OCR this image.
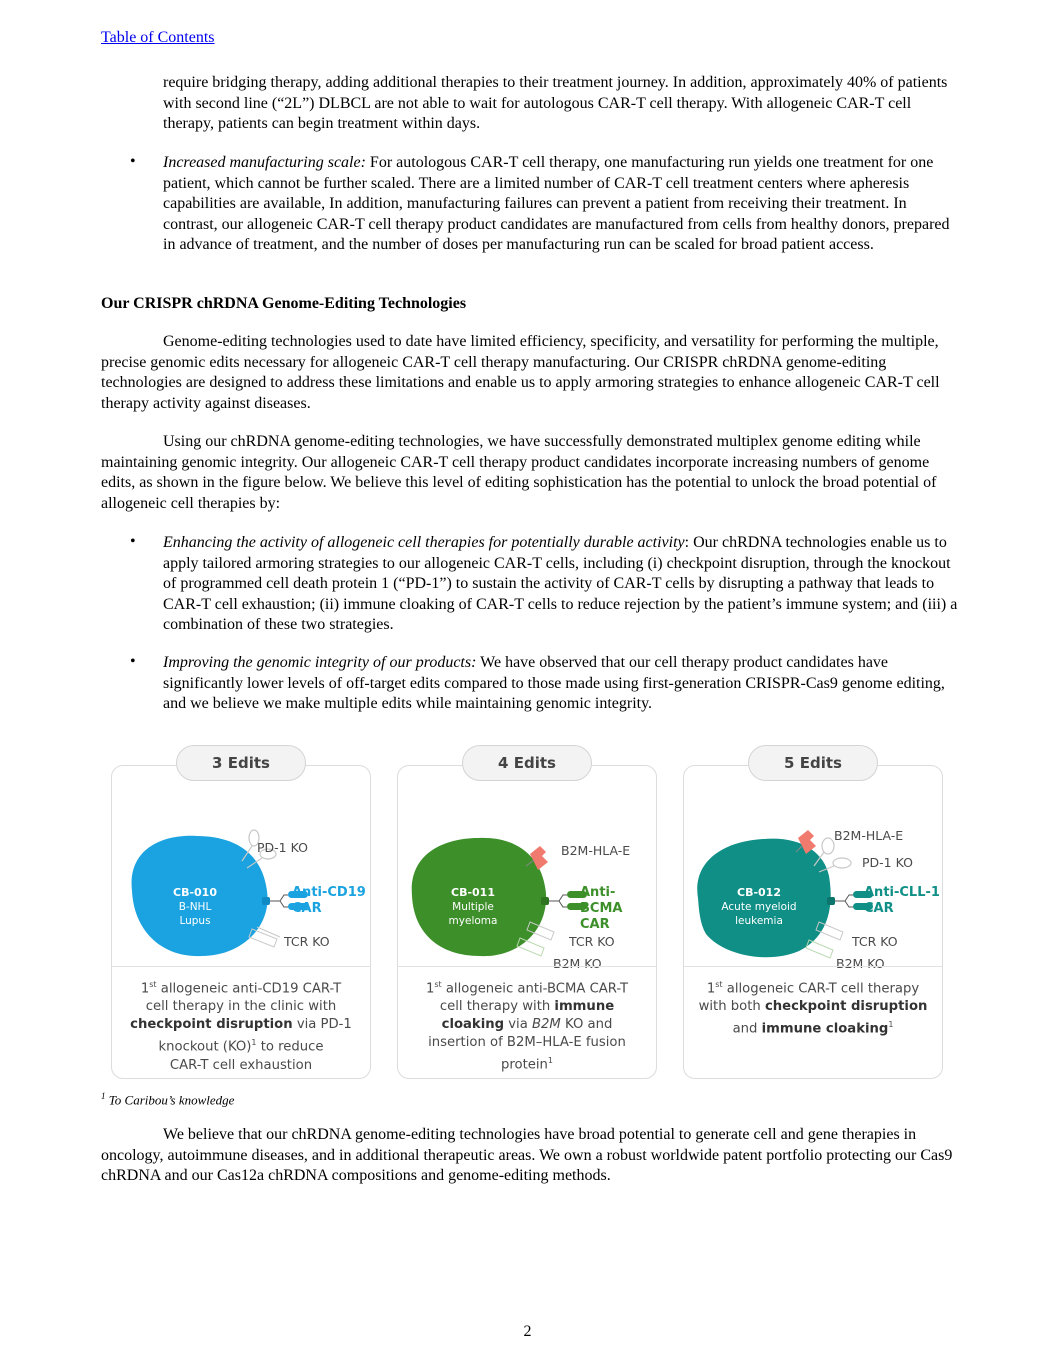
Table of Contents
require bridging therapy, adding additional therapies to their treatment journey. In addition, approximately 40% of patients with second line (“2L”) DLBCL are not able to wait for autologous CAR-T cell therapy. With allogeneic CAR-T cell therapy, patients can begin treatment within days.
• Increased manufacturing scale: For autologous CAR-T cell therapy, one manufacturing run yields one treatment for one patient, which cannot be further scaled. There are a limited number of CAR-T cell treatment centers where apheresis capabilities are available, In addition, manufacturing failures can prevent a patient from receiving their treatment. In contrast, our allogeneic CAR-T cell therapy product candidates are manufactured from cells from healthy donors, prepared in advance of treatment, and the number of doses per manufacturing run can be scaled for broad patient access.
Our CRISPR chRDNA Genome-Editing Technologies
Genome-editing technologies used to date have limited efficiency, specificity, and versatility for performing the multiple, precise genomic edits necessary for allogeneic CAR-T cell therapy manufacturing. Our CRISPR chRDNA genome-editing technologies are designed to address these limitations and enable us to apply armoring strategies to enhance allogeneic CAR-T cell therapy activity against diseases.
Using our chRDNA genome-editing technologies, we have successfully demonstrated multiplex genome editing while maintaining genomic integrity. Our allogeneic CAR-T cell therapy product candidates incorporate increasing numbers of genome edits, as shown in the figure below. We believe this level of editing sophistication has the potential to unlock the broad potential of allogeneic cell therapies by:
• Enhancing the activity of allogeneic cell therapies for potentially durable activity: Our chRDNA technologies enable us to apply tailored armoring strategies to our allogeneic CAR-T cells, including (i) checkpoint disruption, through the knockout of programmed cell death protein 1 (“PD-1”) to sustain the activity of CAR-T cells by disrupting a pathway that leads to CAR-T cell exhaustion; (ii) immune cloaking of CAR-T cells to reduce rejection by the patient’s immune system; and (iii) a combination of these two strategies.
• Improving the genomic integrity of our products: We have observed that our cell therapy product candidates have significantly lower levels of off-target edits compared to those made using first-generation CRISPR-Cas9 genome editing, and we believe we make multiple edits while maintaining genomic integrity.
CB-010
B-NHL
Lupus
PD-1 KO
Anti-CD19
CAR
TCR KO
1st allogeneic anti-CD19 CAR-T
cell therapy in the clinic with
checkpoint disruption via PD-1
knockout (KO)$^1$ to reduce
CAR-T cell exhaustion
3 Edits
CB-011
Multiple
myeloma
B2M-HLA-E
Anti-BCMA
CAR
TCR KO
B2M KO
1st allogeneic anti-BCMA CAR-T
cell therapy with immune
cloaking via B2M KO and
insertion of B2M–HLA-E fusion
protein$^1$
4 Edits
CB-012
Acute myeloid
leukemia
B2M-HLA-E
PD-1 KO
Anti-CLL-1
CAR
TCR KO
B2M KO
1st allogeneic CAR-T cell therapy
with both checkpoint disruption
and immune cloaking$^1$
5 Edits
$^1$ To Caribou’s knowledge
We believe that our chRDNA genome-editing technologies have broad potential to generate cell and gene therapies in oncology, autoimmune diseases, and in additional therapeutic areas. We own a robust worldwide patent portfolio protecting our Cas9 chRDNA and our Cas12a chRDNA compositions and genome-editing methods.
2
